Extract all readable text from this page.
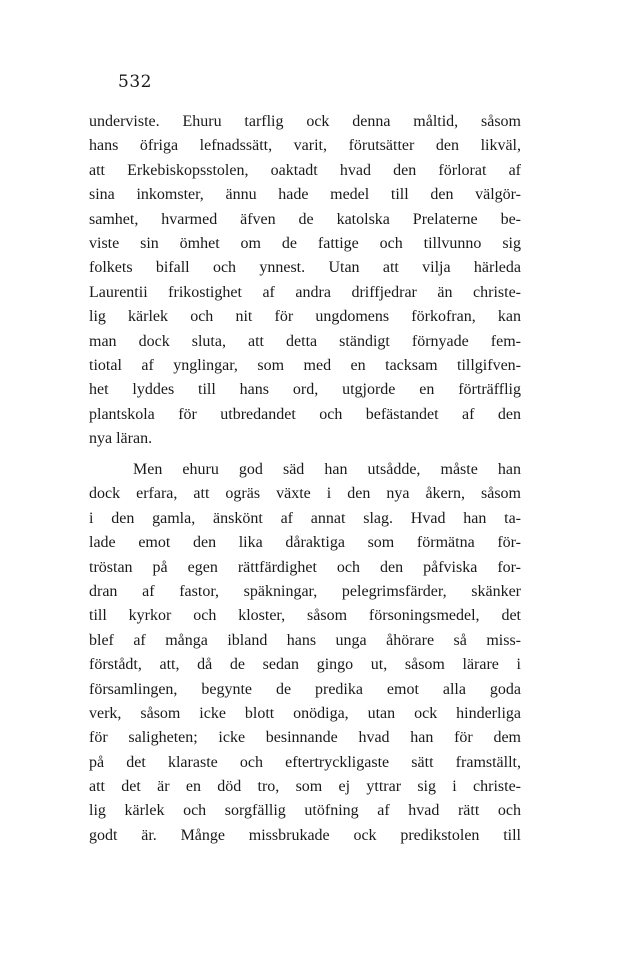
532

underviste. Ehuru tarflig ock denna måltid, såsom
hans öfriga lefnadssätt, varit, förutsätter den likväl,
att Erkebiskopsstolen, oaktadt hvad den förlorat af
sina inkomster, ännu hade medel till den välgör-
samhet, hvarmed äfven de katolska Prelaterne be-
viste sin ömhet om de fattige och tillvunno sig
folkets bifall och ynnest. Utan att vilja härleda
Laurentii frikostighet af andra driffjedrar än christe-
lig kärlek och nit för ungdomens förkofran, kan
man dock sluta, att detta ständigt förnyade fem-
tiotal af ynglingar, som med en tacksam tillgifven-
het lyddes till hans ord, utgjorde en förträfflig
plantskola för utbredandet och befästandet af den
nya läran.

Men ehuru god säd han utsådde, måste han
dock erfara, att ogräs växte i den nya åkern, såsom
i den gamla, änskönt af annat slag. Hvad han ta-
lade emot den lika dåraktiga som förmätna för-
tröstan på egen rättfärdighet och den påfviska for-
dran af fastor, späkningar, pelegrimsfärder, skänker
till kyrkor och kloster, såsom försoningsmedel, det
blef af många ibland hans unga åhörare så miss-
förstådt, att, då de sedan gingo ut, såsom lärare i
församlingen, begynte de predika emot alla goda
verk, såsom icke blott onödiga, utan ock hinderliga
för saligheten; icke besinnande hvad han för dem
på det klaraste och eftertryckligaste sätt framställt,
att det är en död tro, som ej yttrar sig i christe-
lig kärlek och sorgfällig utöfning af hvad rätt och
godt är. Månge missbrukade ock predikstolen till
